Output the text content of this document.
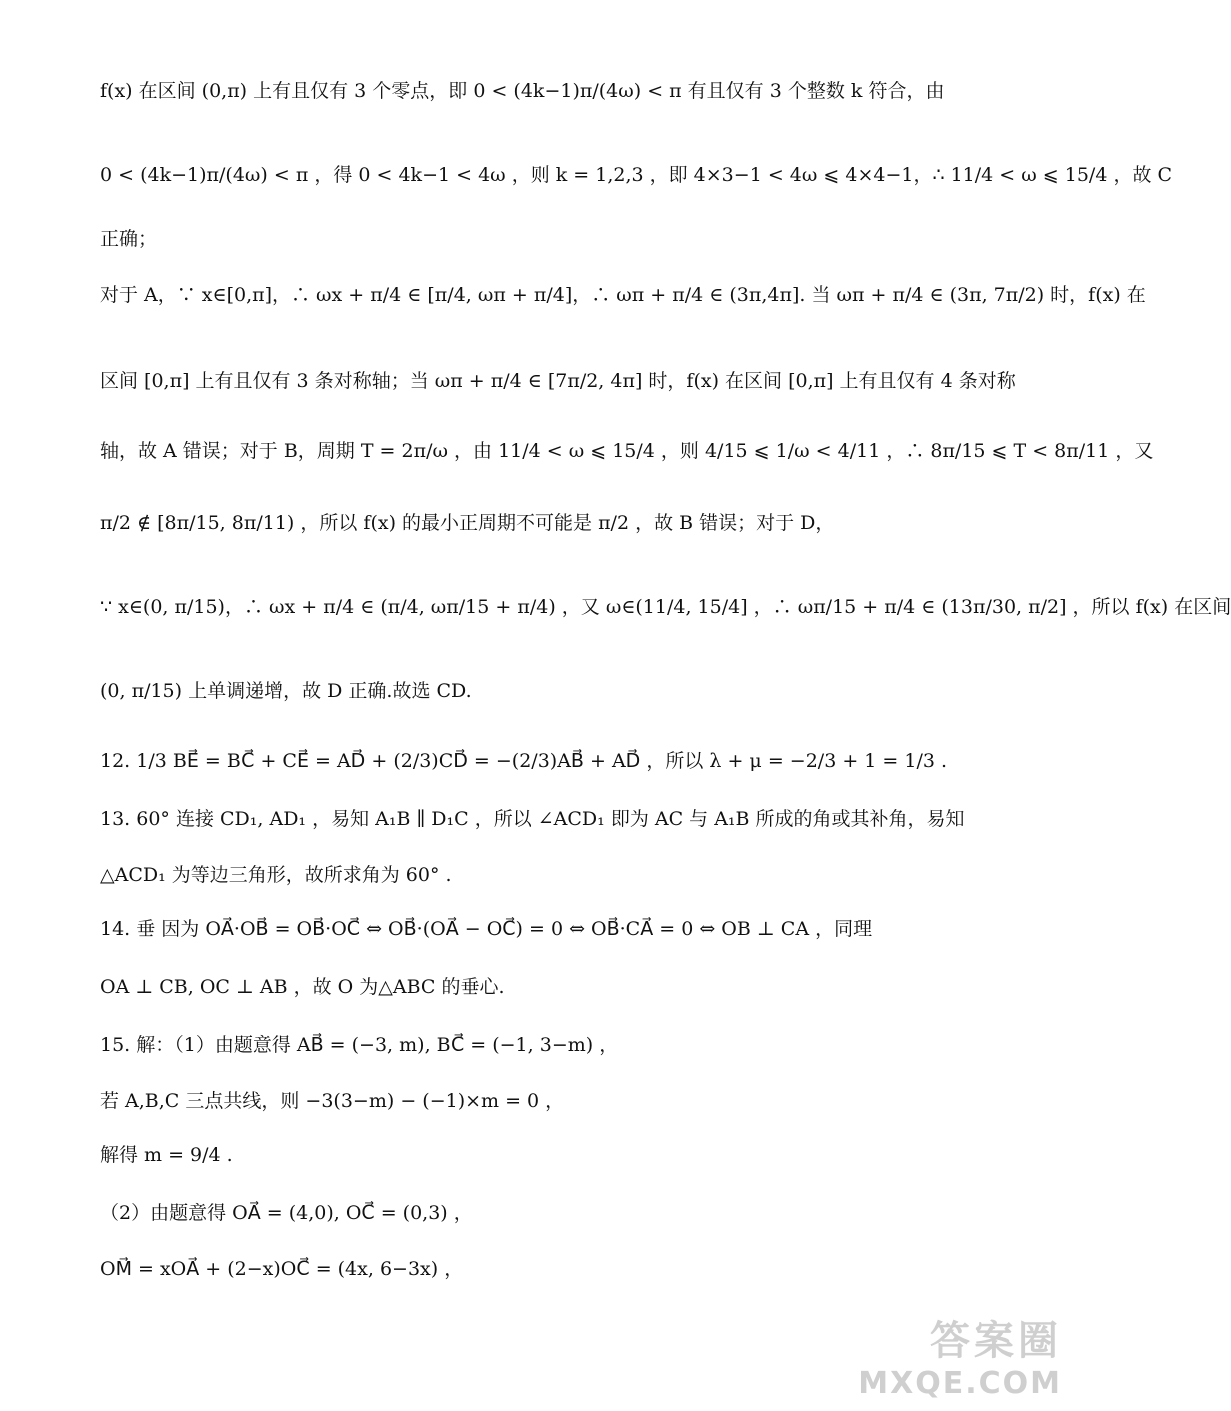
f(x) 在区间 (0,π) 上有且仅有 3 个零点，即 0 < (4k−1)π/(4ω) < π 有且仅有 3 个整数 k 符合，由
0 < (4k−1)π/(4ω) < π ，得 0 < 4k−1 < 4ω ，则 k = 1,2,3 ，即 4×3−1 < 4ω ⩽ 4×4−1，∴ 11/4 < ω ⩽ 15/4 ，故 C
正确；
对于 A，∵ x∈[0,π]，∴ ωx + π/4 ∈ [π/4, ωπ + π/4]，∴ ωπ + π/4 ∈ (3π,4π]. 当 ωπ + π/4 ∈ (3π, 7π/2) 时，f(x) 在
区间 [0,π] 上有且仅有 3 条对称轴；当 ωπ + π/4 ∈ [7π/2, 4π] 时，f(x) 在区间 [0,π] 上有且仅有 4 条对称
轴，故 A 错误；对于 B，周期 T = 2π/ω ，由 11/4 < ω ⩽ 15/4 ，则 4/15 ⩽ 1/ω < 4/11 ，∴ 8π/15 ⩽ T < 8π/11 ，又
π/2 ∉ [8π/15, 8π/11) ，所以 f(x) 的最小正周期不可能是 π/2 ，故 B 错误；对于 D，
∵ x∈(0, π/15)，∴ ωx + π/4 ∈ (π/4, ωπ/15 + π/4) ，又 ω∈(11/4, 15/4] ，∴ ωπ/15 + π/4 ∈ (13π/30, π/2] ，所以 f(x) 在区间
(0, π/15) 上单调递增，故 D 正确.故选 CD.
12. 1/3 BE⃗ = BC⃗ + CE⃗ = AD⃗ + (2/3)CD⃗ = −(2/3)AB⃗ + AD⃗ ，所以 λ + μ = −2/3 + 1 = 1/3 .
13. 60° 连接 CD₁, AD₁ ，易知 A₁B ∥ D₁C ，所以 ∠ACD₁ 即为 AC 与 A₁B 所成的角或其补角，易知
△ACD₁ 为等边三角形，故所求角为 60° .
14. 垂 因为 OA⃗·OB⃗ = OB⃗·OC⃗ ⇔ OB⃗·(OA⃗ − OC⃗) = 0 ⇔ OB⃗·CA⃗ = 0 ⇔ OB ⊥ CA ，同理
OA ⊥ CB, OC ⊥ AB ，故 O 为△ABC 的垂心.
15. 解：（1）由题意得 AB⃗ = (−3, m), BC⃗ = (−1, 3−m) ，
若 A,B,C 三点共线，则 −3(3−m) − (−1)×m = 0 ，
解得 m = 9/4 .
（2）由题意得 OA⃗ = (4,0), OC⃗ = (0,3) ，
OM⃗ = xOA⃗ + (2−x)OC⃗ = (4x, 6−3x) ，
答案圈
MXQE.COM
